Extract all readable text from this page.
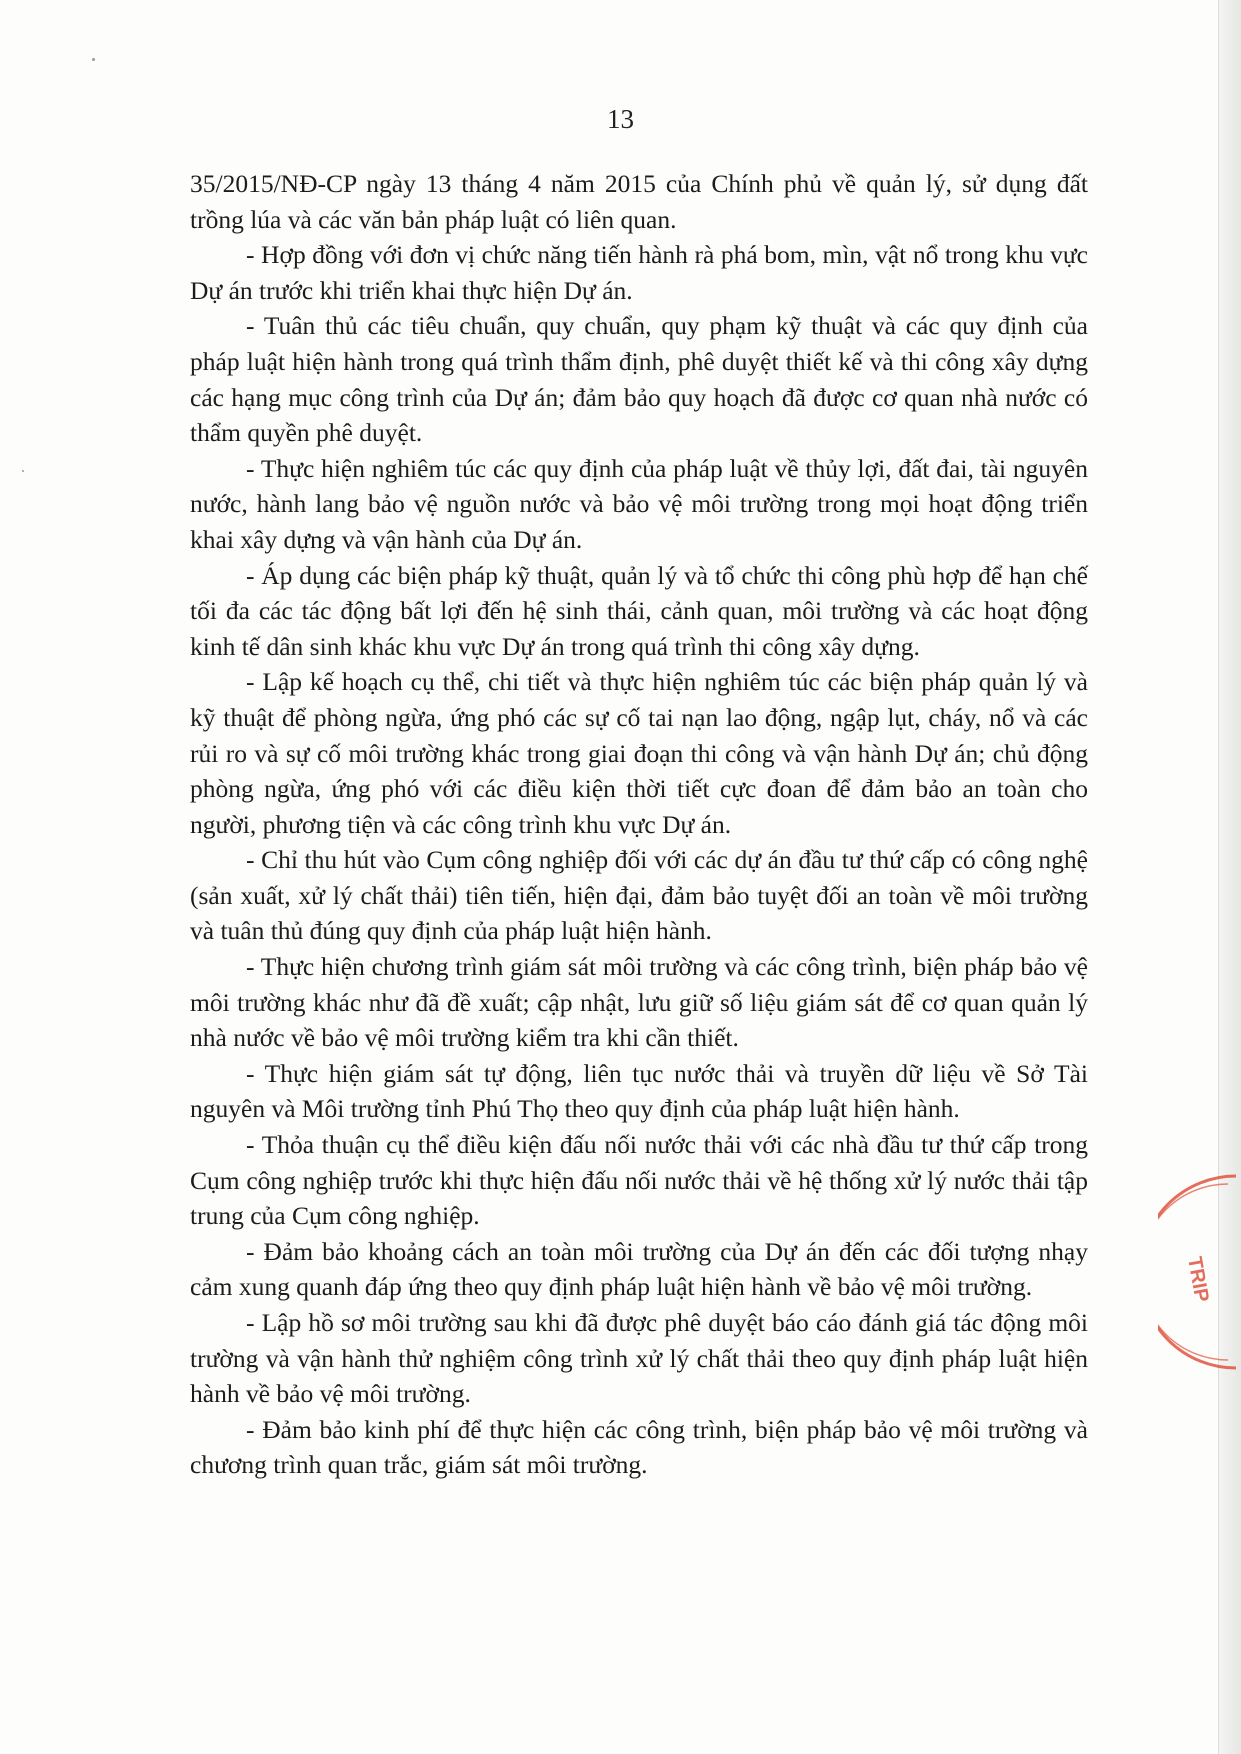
13

35/2015/NĐ-CP ngày 13 tháng 4 năm 2015 của Chính phủ về quản lý, sử dụng đất trồng lúa và các văn bản pháp luật có liên quan.

- Hợp đồng với đơn vị chức năng tiến hành rà phá bom, mìn, vật nổ trong khu vực Dự án trước khi triển khai thực hiện Dự án.

- Tuân thủ các tiêu chuẩn, quy chuẩn, quy phạm kỹ thuật và các quy định của pháp luật hiện hành trong quá trình thẩm định, phê duyệt thiết kế và thi công xây dựng các hạng mục công trình của Dự án; đảm bảo quy hoạch đã được cơ quan nhà nước có thẩm quyền phê duyệt.

- Thực hiện nghiêm túc các quy định của pháp luật về thủy lợi, đất đai, tài nguyên nước, hành lang bảo vệ nguồn nước và bảo vệ môi trường trong mọi hoạt động triển khai xây dựng và vận hành của Dự án.

- Áp dụng các biện pháp kỹ thuật, quản lý và tổ chức thi công phù hợp để hạn chế tối đa các tác động bất lợi đến hệ sinh thái, cảnh quan, môi trường và các hoạt động kinh tế dân sinh khác khu vực Dự án trong quá trình thi công xây dựng.

- Lập kế hoạch cụ thể, chi tiết và thực hiện nghiêm túc các biện pháp quản lý và kỹ thuật để phòng ngừa, ứng phó các sự cố tai nạn lao động, ngập lụt, cháy, nổ và các rủi ro và sự cố môi trường khác trong giai đoạn thi công và vận hành Dự án; chủ động phòng ngừa, ứng phó với các điều kiện thời tiết cực đoan để đảm bảo an toàn cho người, phương tiện và các công trình khu vực Dự án.

- Chỉ thu hút vào Cụm công nghiệp đối với các dự án đầu tư thứ cấp có công nghệ (sản xuất, xử lý chất thải) tiên tiến, hiện đại, đảm bảo tuyệt đối an toàn về môi trường và tuân thủ đúng quy định của pháp luật hiện hành.

- Thực hiện chương trình giám sát môi trường và các công trình, biện pháp bảo vệ môi trường khác như đã đề xuất; cập nhật, lưu giữ số liệu giám sát để cơ quan quản lý nhà nước về bảo vệ môi trường kiểm tra khi cần thiết.

- Thực hiện giám sát tự động, liên tục nước thải và truyền dữ liệu về Sở Tài nguyên và Môi trường tỉnh Phú Thọ theo quy định của pháp luật hiện hành.

- Thỏa thuận cụ thể điều kiện đấu nối nước thải với các nhà đầu tư thứ cấp trong Cụm công nghiệp trước khi thực hiện đấu nối nước thải về hệ thống xử lý nước thải tập trung của Cụm công nghiệp.

- Đảm bảo khoảng cách an toàn môi trường của Dự án đến các đối tượng nhạy cảm xung quanh đáp ứng theo quy định pháp luật hiện hành về bảo vệ môi trường.

- Lập hồ sơ môi trường sau khi đã được phê duyệt báo cáo đánh giá tác động môi trường và vận hành thử nghiệm công trình xử lý chất thải theo quy định pháp luật hiện hành về bảo vệ môi trường.

- Đảm bảo kinh phí để thực hiện các công trình, biện pháp bảo vệ môi trường và chương trình quan trắc, giám sát môi trường.

TRIP
